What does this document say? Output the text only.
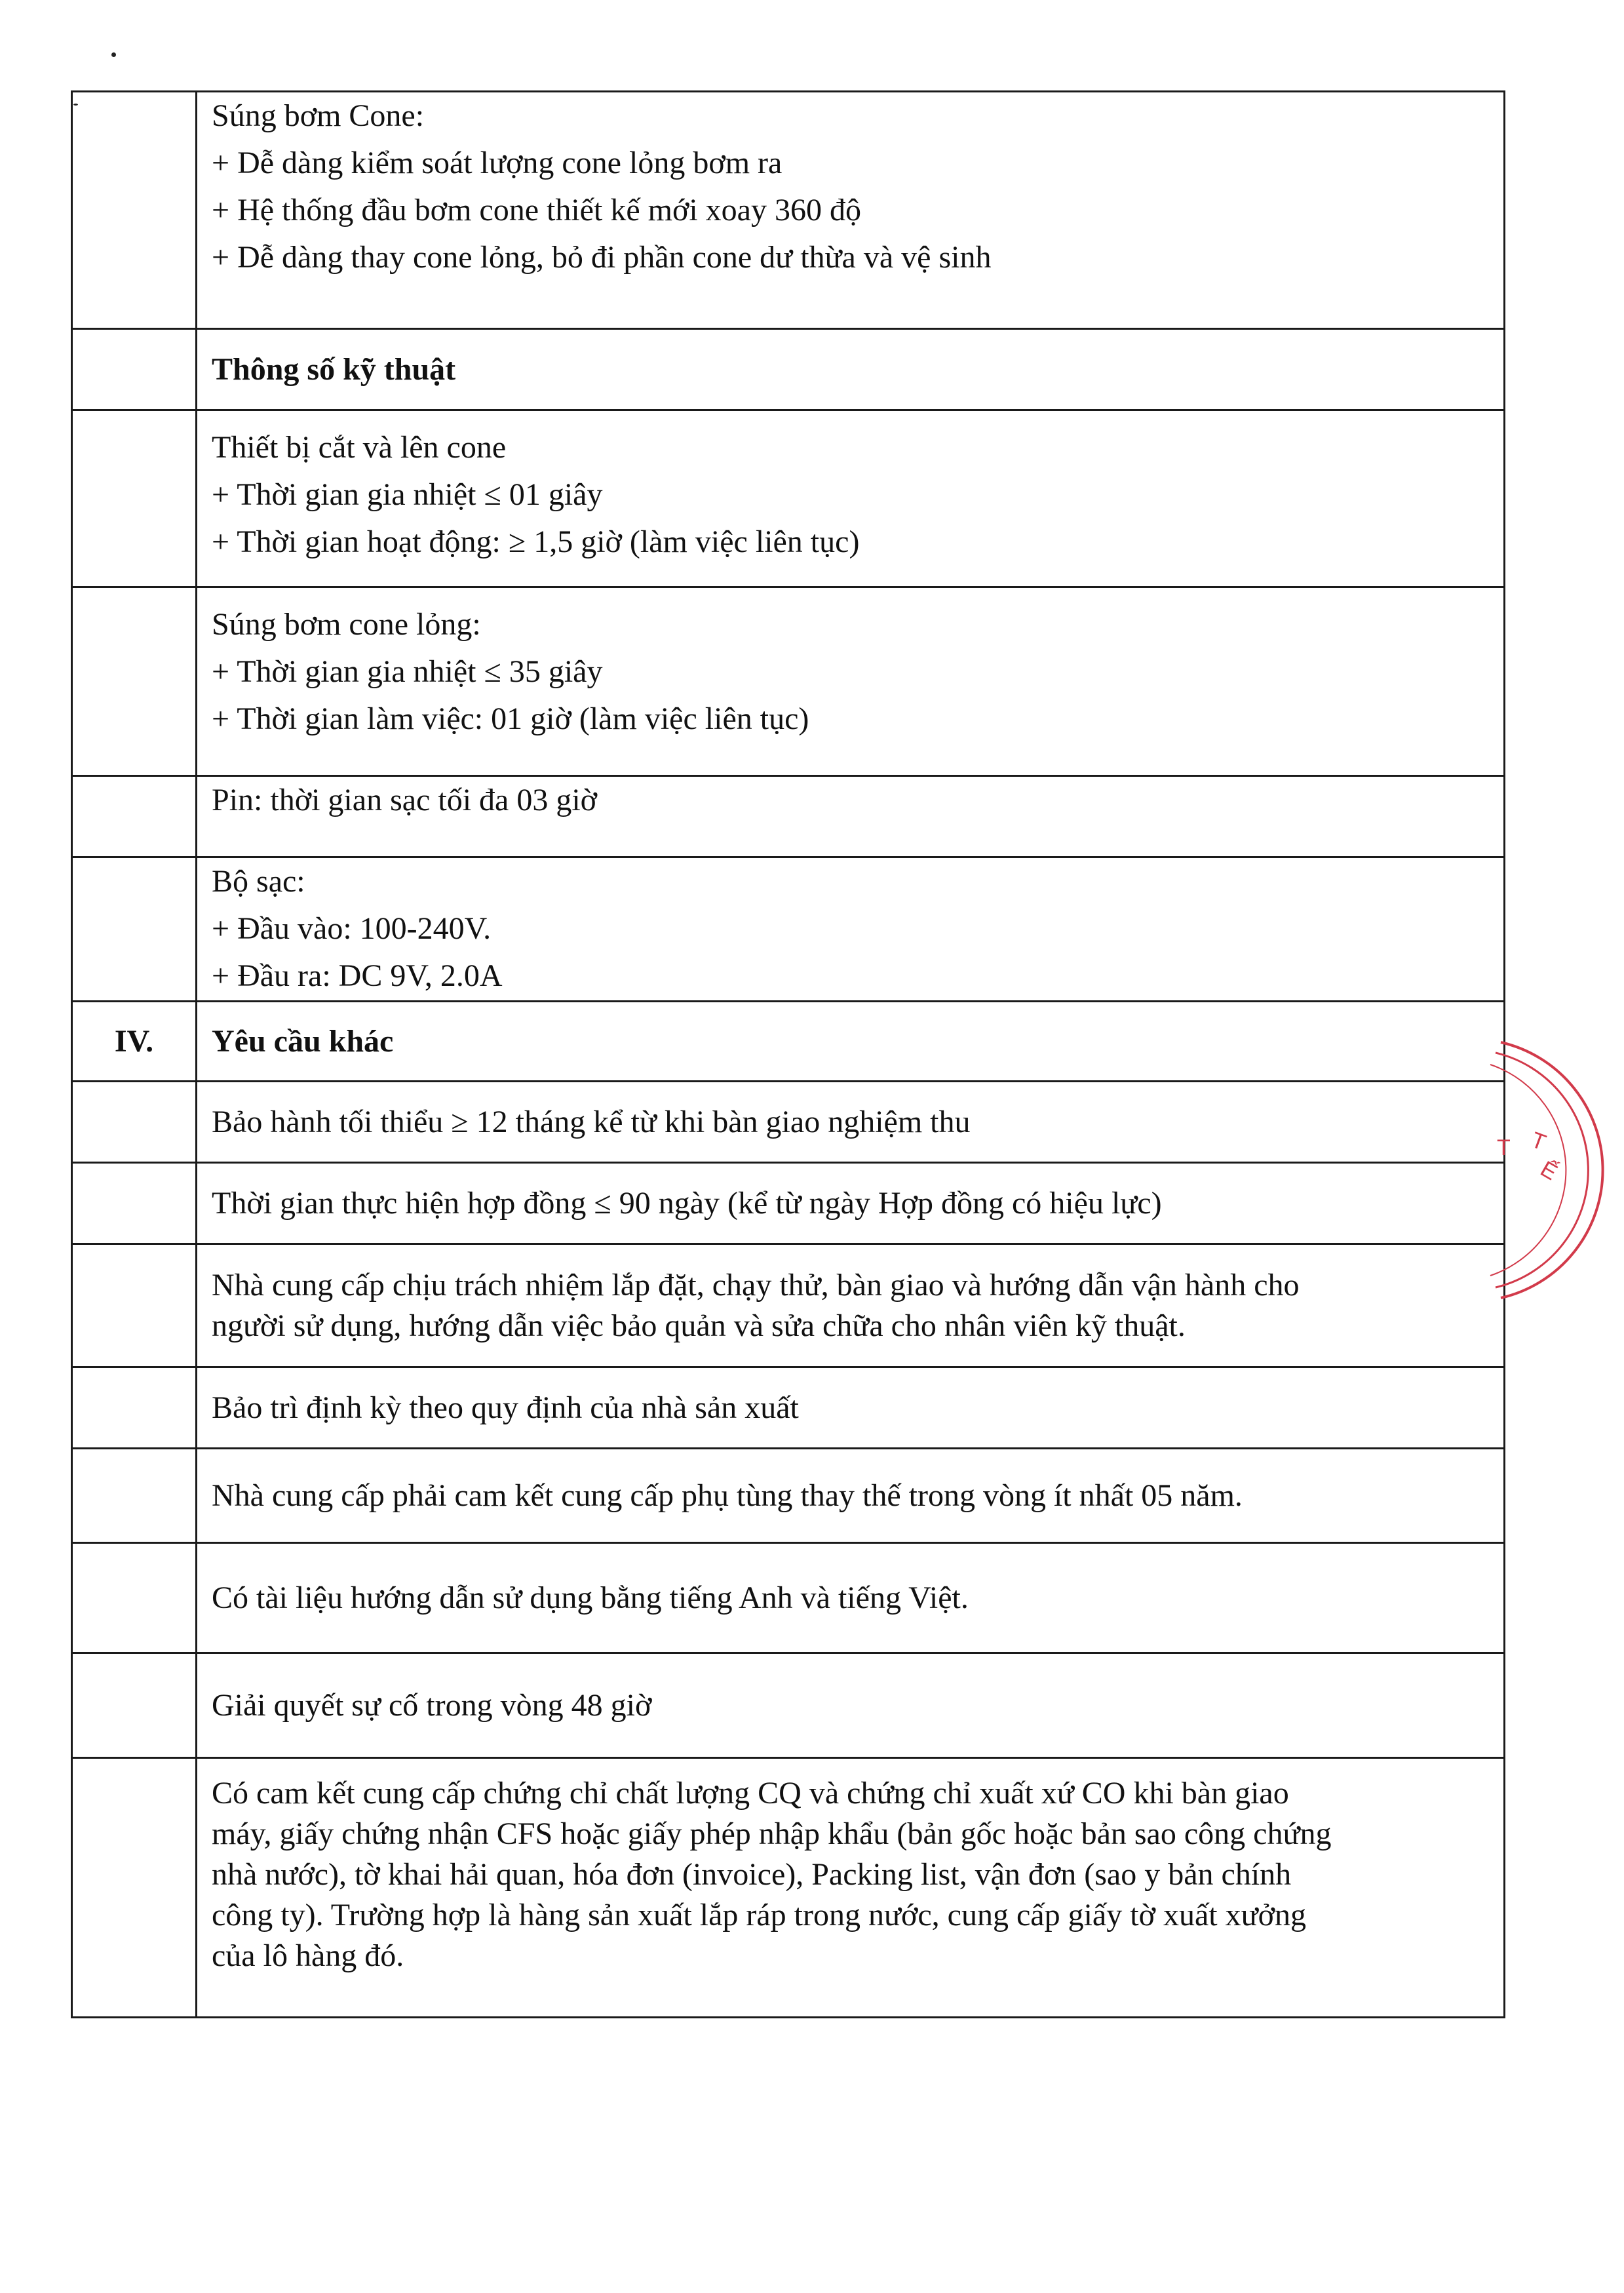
	Súng bơm Cone:
+ Dễ dàng kiểm soát lượng cone lỏng bơm ra
+ Hệ thống đầu bơm cone thiết kế mới xoay 360 độ
+ Dễ dàng thay cone lỏng, bỏ đi phần cone dư thừa và vệ sinh

	Thông số kỹ thuật

	Thiết bị cắt và lên cone
+ Thời gian gia nhiệt ≤ 01 giây
+ Thời gian hoạt động: ≥ 1,5 giờ (làm việc liên tục)

	Súng bơm cone lỏng:
+ Thời gian gia nhiệt ≤ 35 giây
+ Thời gian làm việc: 01 giờ (làm việc liên tục)

	Pin: thời gian sạc tối đa 03 giờ

	Bộ sạc:
+ Đầu vào: 100-240V.
+ Đầu ra: DC 9V, 2.0A

IV.	Yêu cầu khác

	Bảo hành tối thiểu ≥ 12 tháng kể từ khi bàn giao nghiệm thu

	Thời gian thực hiện hợp đồng ≤ 90 ngày (kể từ ngày Hợp đồng có hiệu lực)

	Nhà cung cấp chịu trách nhiệm lắp đặt, chạy thử, bàn giao và hướng dẫn vận hành cho
người sử dụng, hướng dẫn việc bảo quản và sửa chữa cho nhân viên kỹ thuật.

	Bảo trì định kỳ theo quy định của nhà sản xuất

	Nhà cung cấp phải cam kết cung cấp phụ tùng thay thế trong vòng ít nhất 05 năm.

	Có tài liệu hướng dẫn sử dụng bằng tiếng Anh và tiếng Việt.

	Giải quyết sự cố trong vòng 48 giờ

	Có cam kết cung cấp chứng chỉ chất lượng CQ và chứng chỉ xuất xứ CO khi bàn giao
máy, giấy chứng nhận CFS hoặc giấy phép nhập khẩu (bản gốc hoặc bản sao công chứng
nhà nước), tờ khai hải quan, hóa đơn (invoice), Packing list, vận đơn (sao y bản chính
công ty). Trường hợp là hàng sản xuất lắp ráp trong nước, cung cấp giấy tờ xuất xưởng
của lô hàng đó.
T T
Ế
